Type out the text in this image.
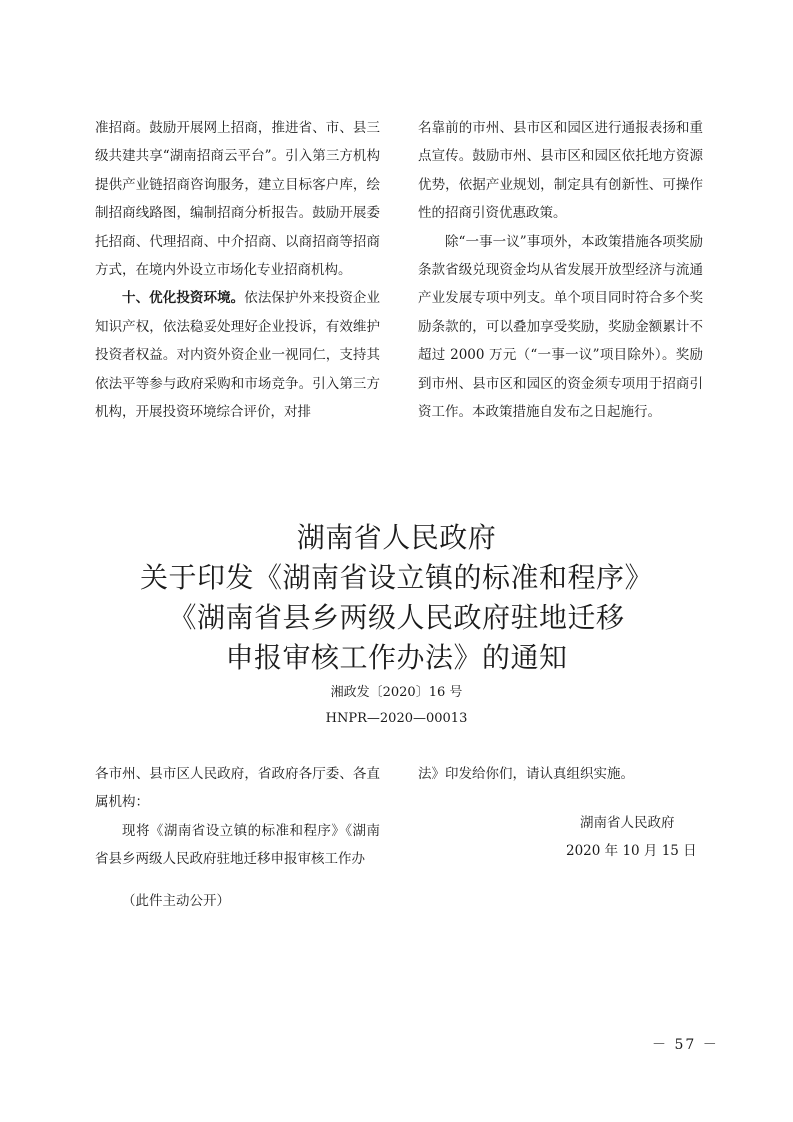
准招商。鼓励开展网上招商，推进省、市、县三级共建共享“湖南招商云平台”。引入第三方机构提供产业链招商咨询服务，建立目标客户库，绘制招商线路图，编制招商分析报告。鼓励开展委托招商、代理招商、中介招商、以商招商等招商方式，在境内外设立市场化专业招商机构。

十、优化投资环境。依法保护外来投资企业知识产权，依法稳妥处理好企业投诉，有效维护投资者权益。对内资外资企业一视同仁，支持其依法平等参与政府采购和市场竞争。引入第三方机构，开展投资环境综合评价，对排

名靠前的市州、县市区和园区进行通报表扬和重点宣传。鼓励市州、县市区和园区依托地方资源优势，依据产业规划，制定具有创新性、可操作性的招商引资优惠政策。

除“一事一议”事项外，本政策措施各项奖励条款省级兑现资金均从省发展开放型经济与流通产业发展专项中列支。单个项目同时符合多个奖励条款的，可以叠加享受奖励，奖励金额累计不超过 2000 万元（“一事一议”项目除外）。奖励到市州、县市区和园区的资金须专项用于招商引资工作。本政策措施自发布之日起施行。

湖南省人民政府
关于印发《湖南省设立镇的标准和程序》
《湖南省县乡两级人民政府驻地迁移
申报审核工作办法》的通知
湘政发〔2020〕16 号
HNPR—2020—00013

各市州、县市区人民政府，省政府各厅委、各直属机构：

现将《湖南省设立镇的标准和程序》《湖南省县乡两级人民政府驻地迁移申报审核工作办

法》印发给你们，请认真组织实施。

湖南省人民政府
2020 年 10 月 15 日
（此件主动公开）
－ 57 －
